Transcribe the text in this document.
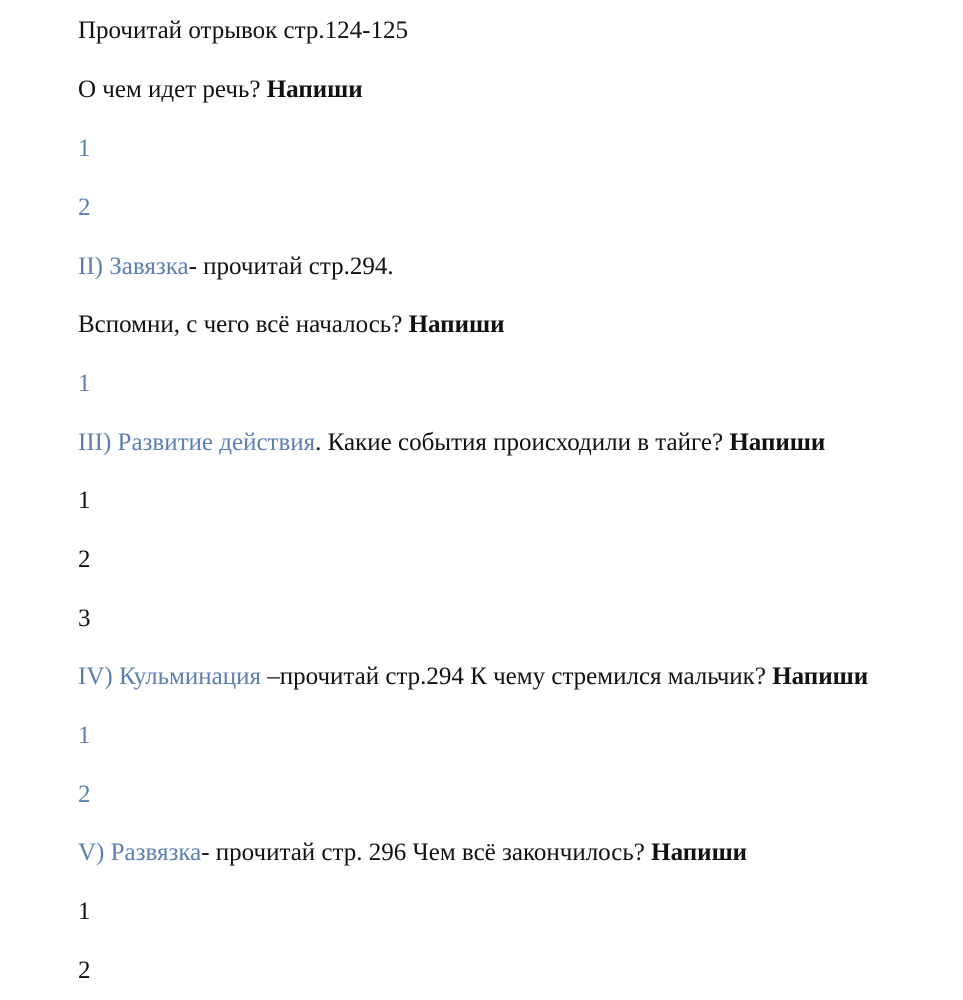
Прочитай отрывок стр.124-125
О чем идет речь? Напиши
1
2
II) Завязка- прочитай стр.294.
Вспомни, с чего всё началось? Напиши
1
III) Развитие действия. Какие события происходили в тайге? Напиши
1
2
3
IV) Кульминация –прочитай стр.294 К чему стремился мальчик? Напиши
1
2
V) Развязка- прочитай стр. 296 Чем всё закончилось? Напиши
1
2
